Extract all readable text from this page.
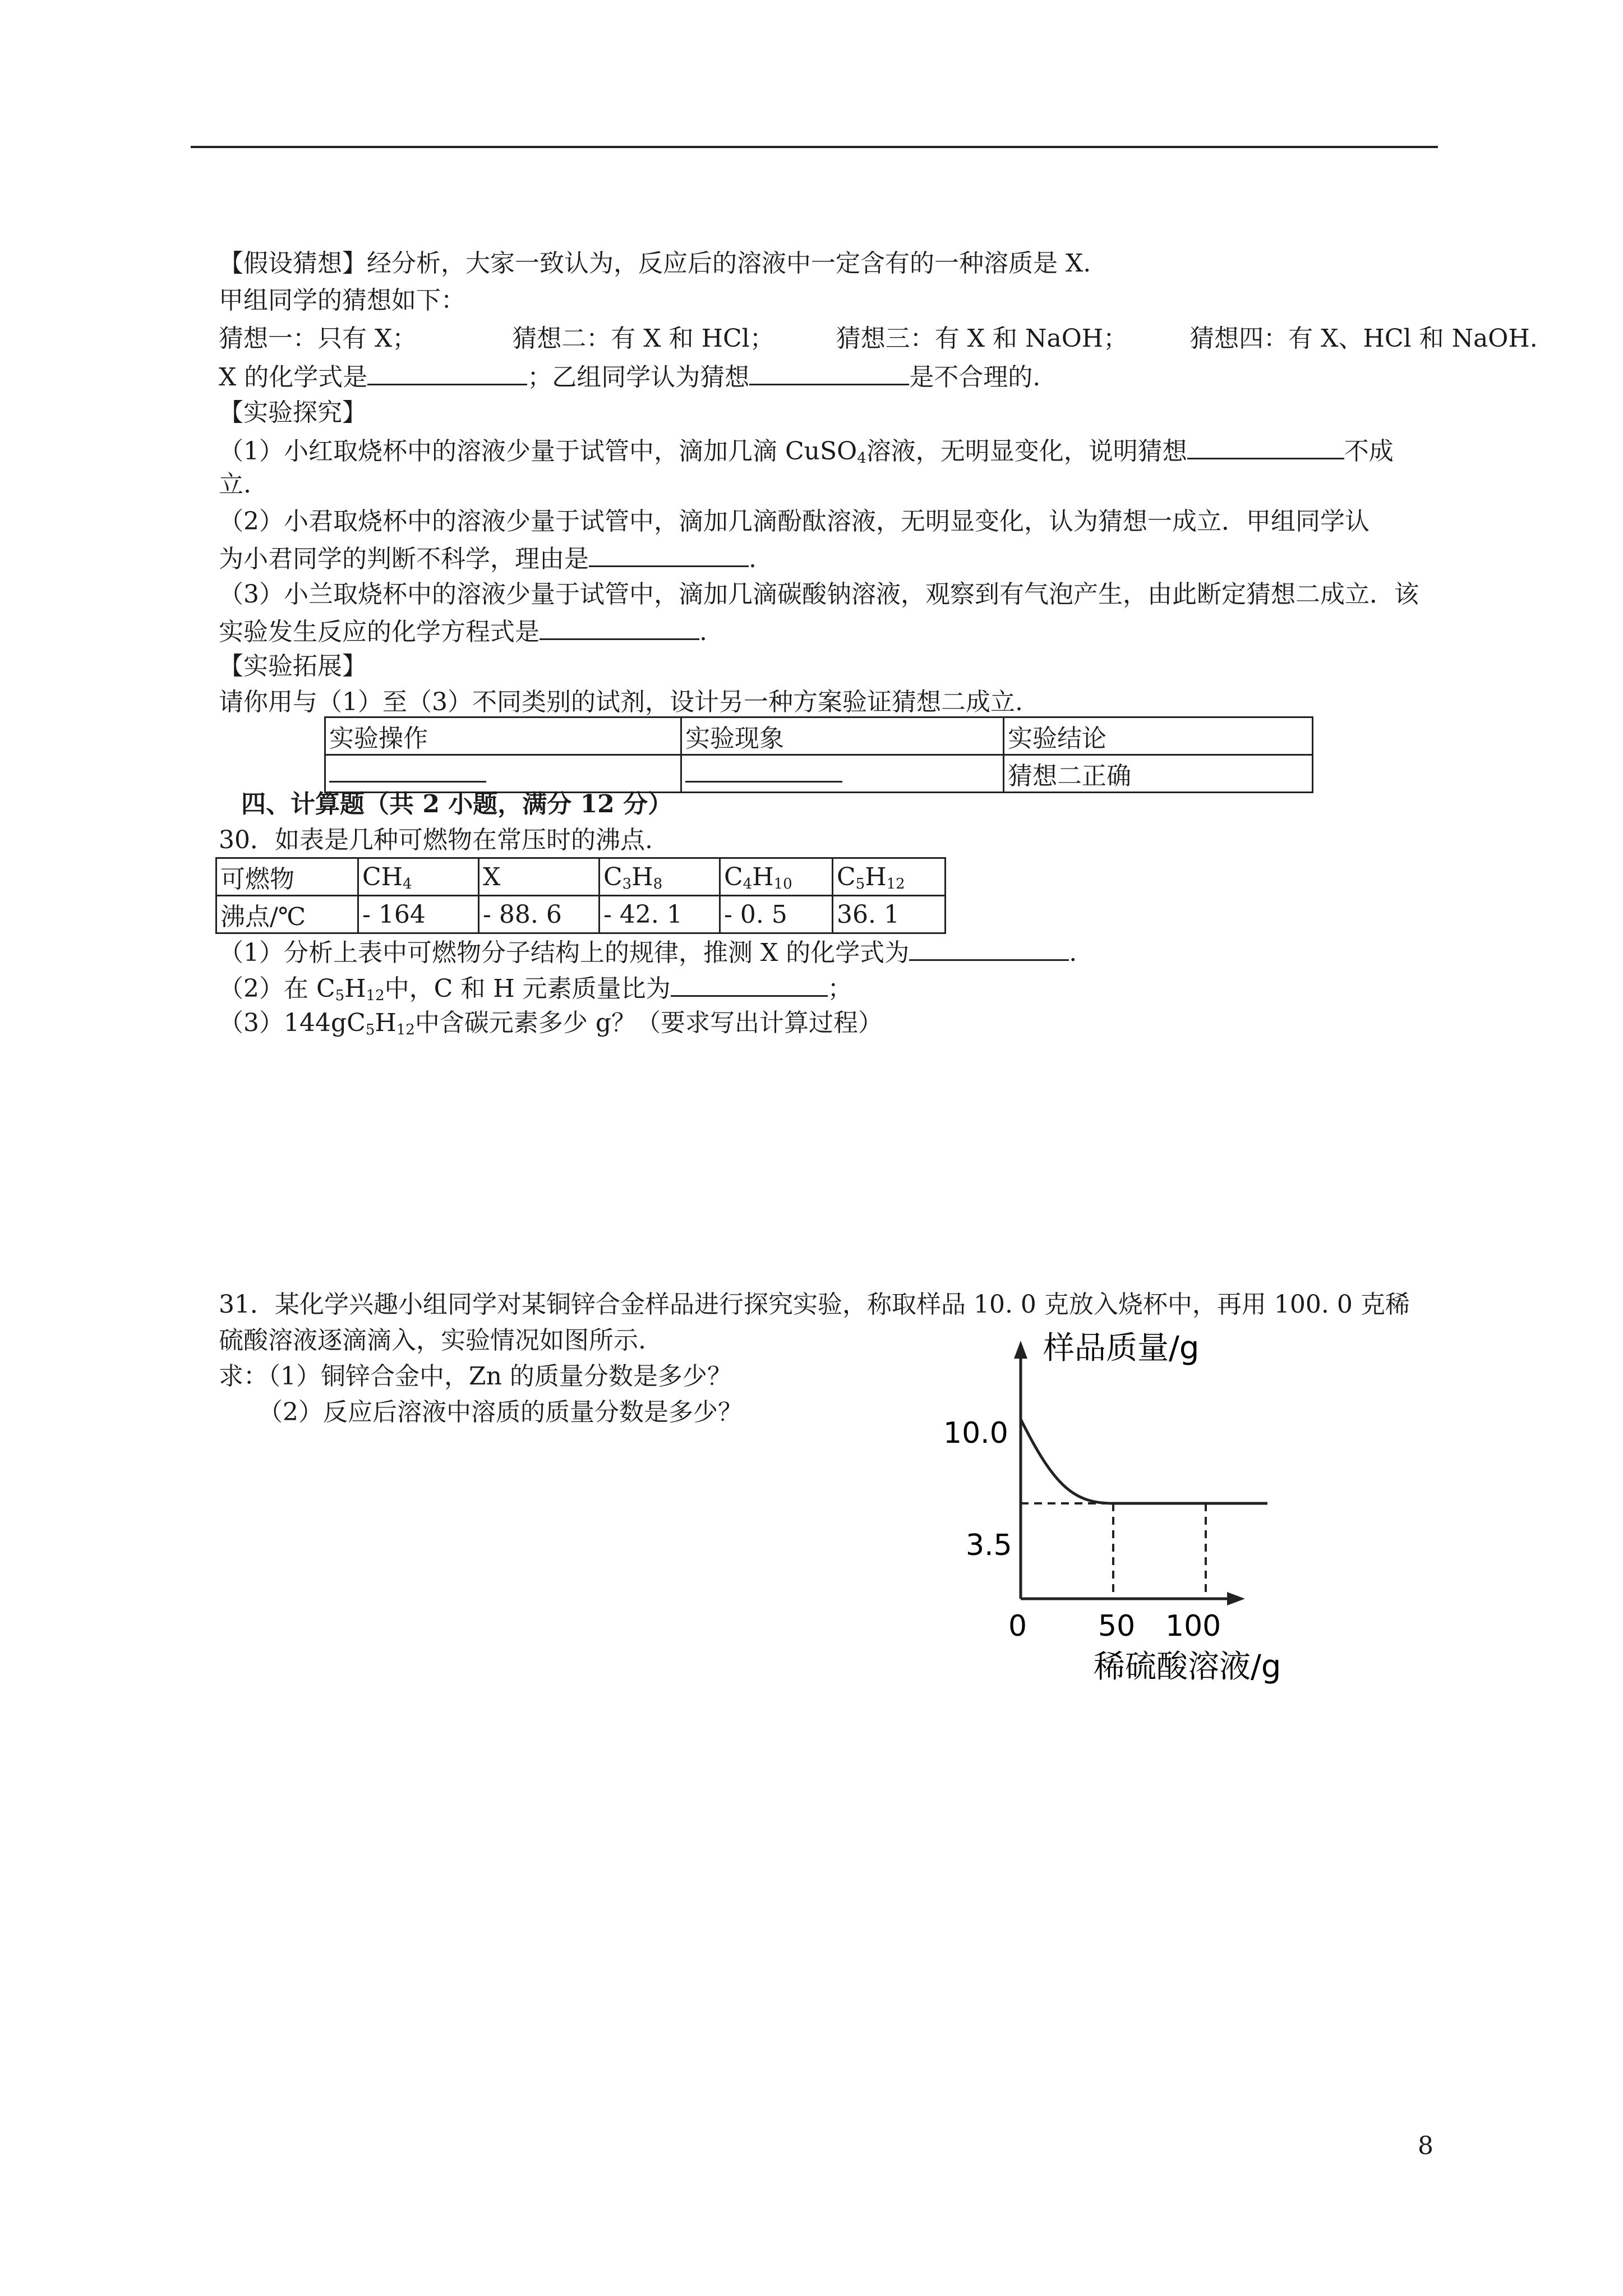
【假设猜想】经分析，大家一致认为，反应后的溶液中一定含有的一种溶质是 X.
甲组同学的猜想如下：
猜想一：只有 X；	猜想二：有 X 和 HCl；	猜想三：有 X 和 NaOH；	猜想四：有 X、HCl 和 NaOH.
X 的化学式是	；乙组同学认为猜想	是不合理的.
【实验探究】
（1）小红取烧杯中的溶液少量于试管中，滴加几滴 CuSO$_4$溶液，无明显变化，说明猜想	不成
立.
（2）小君取烧杯中的溶液少量于试管中，滴加几滴酚酞溶液，无明显变化，认为猜想一成立．甲组同学认
为小君同学的判断不科学，理由是	.
（3）小兰取烧杯中的溶液少量于试管中，滴加几滴碳酸钠溶液，观察到有气泡产生，由此断定猜想二成立．该
实验发生反应的化学方程式是	.
【实验拓展】
请你用与（1）至（3）不同类别的试剂，设计另一种方案验证猜想二成立.
实验操作	实验现象	实验结论
		猜想二正确
四、计算题（共 2 小题，满分 12 分）
30．如表是几种可燃物在常压时的沸点.
可燃物	$CH_4$	X	$C_3H_8$	$C_4H_{10}$	$C_5H_{12}$
沸点/℃	- 164	- 88. 6	- 42. 1	- 0. 5	36. 1
（1）分析上表中可燃物分子结构上的规律，推测 X 的化学式为	.
（2）在 $C_5H_{12}$中，C 和 H 元素质量比为	；
$(3)144gC_5H_{12}$中含碳元素多少 g？（要求写出计算过程）
31．某化学兴趣小组同学对某铜锌合金样品进行探究实验，称取样品 10. 0 克放入烧杯中，再用 100. 0 克稀
硫酸溶液逐滴滴入，实验情况如图所示.
求：（1）铜锌合金中，Zn 的质量分数是多少？
（2）反应后溶液中溶质的质量分数是多少？
样品质量/g
稀硫酸溶液/g
10.0
3.5
0 50 100
8
